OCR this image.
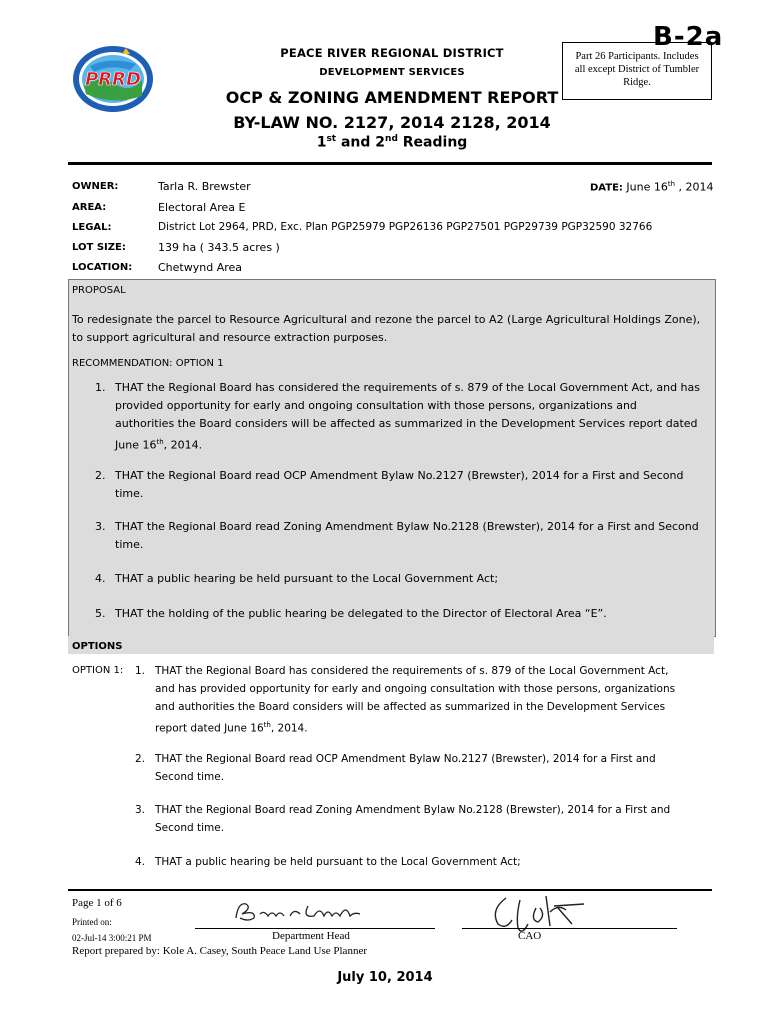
PRRD
PEACE RIVER REGIONAL DISTRICT
DEVELOPMENT SERVICES
OCP & ZONING AMENDMENT REPORT
BY-LAW NO. 2127, 2014 2128, 2014
1st and 2nd Reading
Part 26 Participants. Includes all except District of Tumbler Ridge.
B-2a
OWNER:	Tarla R. Brewster	DATE: June 16th , 2014
AREA:	Electoral Area E
LEGAL:	District Lot 2964, PRD, Exc. Plan PGP25979 PGP26136 PGP27501 PGP29739 PGP32590 32766
LOT SIZE:	139 ha ( 343.5 acres )
LOCATION: Chetwynd Area
PROPOSAL
To redesignate the parcel to Resource Agricultural and rezone the parcel to A2 (Large Agricultural Holdings Zone),
to support agricultural and resource extraction purposes.
RECOMMENDATION: OPTION 1
1. THAT the Regional Board has considered the requirements of s. 879 of the Local Government Act, and has
provided opportunity for early and ongoing consultation with those persons, organizations and
authorities the Board considers will be affected as summarized in the Development Services report dated
June 16th, 2014.
2. THAT the Regional Board read OCP Amendment Bylaw No.2127 (Brewster), 2014 for a First and Second
time.
3. THAT the Regional Board read Zoning Amendment Bylaw No.2128 (Brewster), 2014 for a First and Second
time.
4. THAT a public hearing be held pursuant to the Local Government Act;
5. THAT the holding of the public hearing be delegated to the Director of Electoral Area “E”.
OPTIONS
OPTION 1: 1. THAT the Regional Board has considered the requirements of s. 879 of the Local Government Act,
and has provided opportunity for early and ongoing consultation with those persons, organizations
and authorities the Board considers will be affected as summarized in the Development Services
report dated June 16th, 2014.
2. THAT the Regional Board read OCP Amendment Bylaw No.2127 (Brewster), 2014 for a First and
Second time.
3. THAT the Regional Board read Zoning Amendment Bylaw No.2128 (Brewster), 2014 for a First and
Second time.
4. THAT a public hearing be held pursuant to the Local Government Act;
Page 1 of 6
Printed on:
02-Jul-14 3:00:21 PM	Department Head	CAO
Report prepared by: Kole A. Casey, South Peace Land Use Planner
July 10, 2014
